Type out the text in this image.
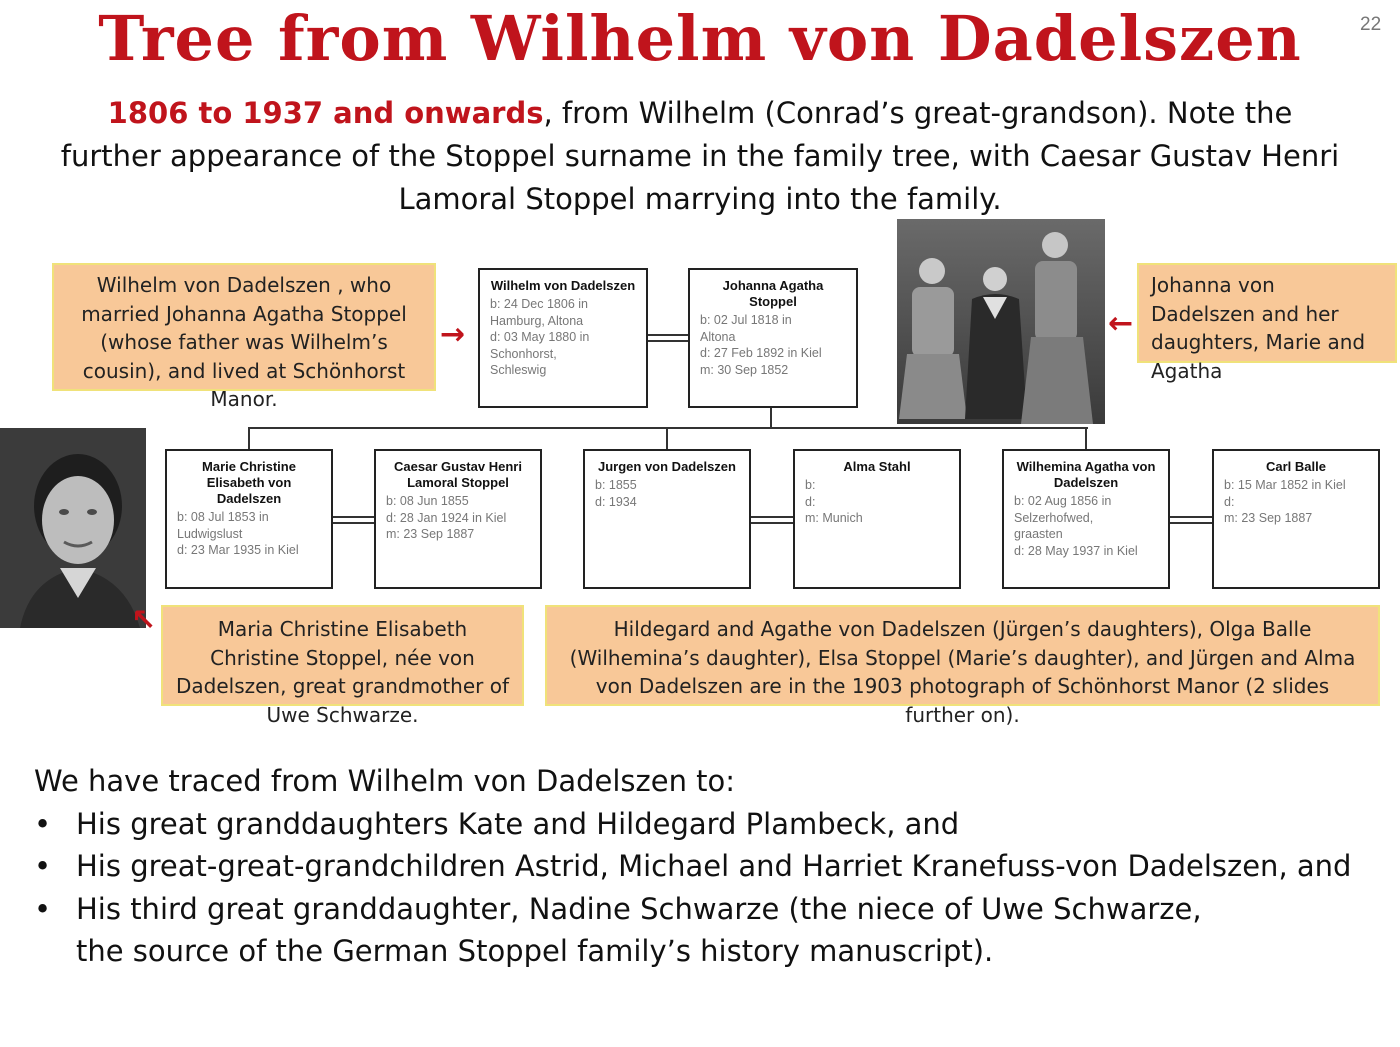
Tree from Wilhelm von Dadelszen	22
1806 to 1937 and onwards, from Wilhelm (Conrad’s great-grandson). Note the further appearance of the Stoppel surname in the family tree, with Caesar Gustav Henri Lamoral Stoppel marrying into the family.
Wilhelm von Dadelszen , who married Johanna Agatha Stoppel (whose father was Wilhelm’s cousin), and lived at Schönhorst Manor.
→
Wilhelm von Dadelszen
b: 24 Dec 1806 in
Hamburg, Altona
d: 03 May 1880 in
Schonhorst,
Schleswig
Johanna Agatha Stoppel
b: 02 Jul 1818 in
Altona
d: 27 Feb 1892 in Kiel
m: 30 Sep 1852
←
Johanna von Dadelszen and her daughters, Marie and Agatha
Marie Christine Elisabeth von Dadelszen
b: 08 Jul 1853 in
Ludwigslust
d: 23 Mar 1935 in Kiel
Caesar Gustav Henri Lamoral Stoppel
b: 08 Jun 1855
d: 28 Jan 1924 in Kiel
m: 23 Sep 1887
Jurgen von Dadelszen
b: 1855
d: 1934
Alma Stahl
b:
d:
m: Munich
Wilhemina Agatha von Dadelszen
b: 02 Aug 1856 in
Selzerhofwed,
graasten
d: 28 May 1937 in Kiel
Carl Balle
b: 15 Mar 1852 in Kiel
d:
m: 23 Sep 1887
↖	Maria Christine Elisabeth Christine Stoppel, née von Dadelszen, great grandmother of Uwe Schwarze.
Hildegard and Agathe von Dadelszen (Jürgen’s daughters), Olga Balle (Wilhemina’s daughter), Elsa Stoppel (Marie’s daughter), and Jürgen and Alma von Dadelszen are in the 1903 photograph of Schönhorst Manor (2 slides further on).
We have traced from Wilhelm von Dadelszen to:
• His great granddaughters Kate and Hildegard Plambeck, and
• His great-great-grandchildren Astrid, Michael and Harriet Kranefuss-von Dadelszen, and
• His third great granddaughter, Nadine Schwarze (the niece of Uwe Schwarze, the source of the German Stoppel family’s history manuscript).
